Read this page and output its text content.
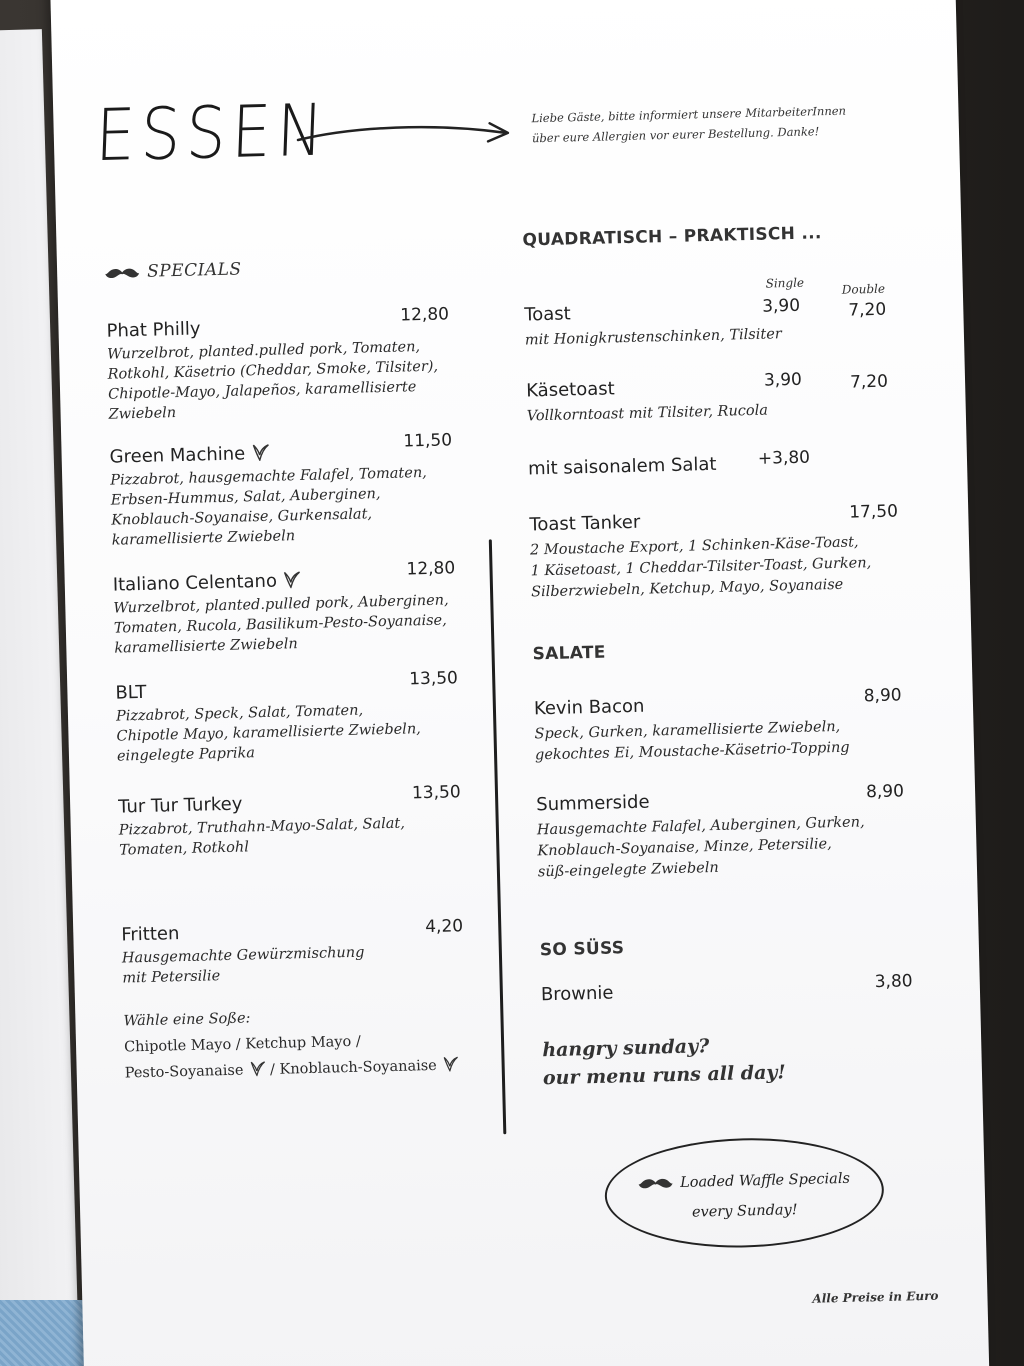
ESSEN	Liebe Gäste, bitte informiert unsere MitarbeiterInnen
über eure Allergien vor eurer Bestellung. Danke!
SPECIALS
Phat Philly
12,80
Wurzelbrot, planted.pulled pork, Tomaten,
Rotkohl, Käsetrio (Cheddar, Smoke, Tilsiter),
Chipotle-Mayo, Jalapeños, karamellisierte
Zwiebeln
Green Machine
11,50
Pizzabrot, hausgemachte Falafel, Tomaten,
Erbsen-Hummus, Salat, Auberginen,
Knoblauch-Soyanaise, Gurkensalat,
karamellisierte Zwiebeln
Italiano Celentano
12,80
Wurzelbrot, planted.pulled pork, Auberginen,
Tomaten, Rucola, Basilikum-Pesto-Soyanaise,
karamellisierte Zwiebeln
BLT
13,50
Pizzabrot, Speck, Salat, Tomaten,
Chipotle Mayo, karamellisierte Zwiebeln,
eingelegte Paprika
Tur Tur Turkey
13,50
Pizzabrot, Truthahn-Mayo-Salat, Salat,
Tomaten, Rotkohl
Fritten	4,20
Hausgemachte Gewürzmischung
mit Petersilie
Wähle eine Soße:
Chipotle Mayo / Ketchup Mayo /
Pesto-Soyanaise / Knoblauch-Soyanaise
QUADRATISCH – PRAKTISCH ...
Single	Double
Toast	3,90	7,20
mit Honigkrustenschinken, Tilsiter
Käsetoast	3,90	7,20
Vollkorntoast mit Tilsiter, Rucola
mit saisonalem Salat +3,80
Toast Tanker	17,50
2 Moustache Export, 1 Schinken-Käse-Toast,
1 Käsetoast, 1 Cheddar-Tilsiter-Toast, Gurken,
Silberzwiebeln, Ketchup, Mayo, Soyanaise
SALATE
Kevin Bacon	8,90
Speck, Gurken, karamellisierte Zwiebeln,
gekochtes Ei, Moustache-Käsetrio-Topping
Summerside	8,90
Hausgemachte Falafel, Auberginen, Gurken,
Knoblauch-Soyanaise, Minze, Petersilie,
süß-eingelegte Zwiebeln
SO SÜSS
Brownie
3,80
hangry sunday?
our menu runs all day!
Loaded Waffle Specials
every Sunday!
Alle Preise in Euro
